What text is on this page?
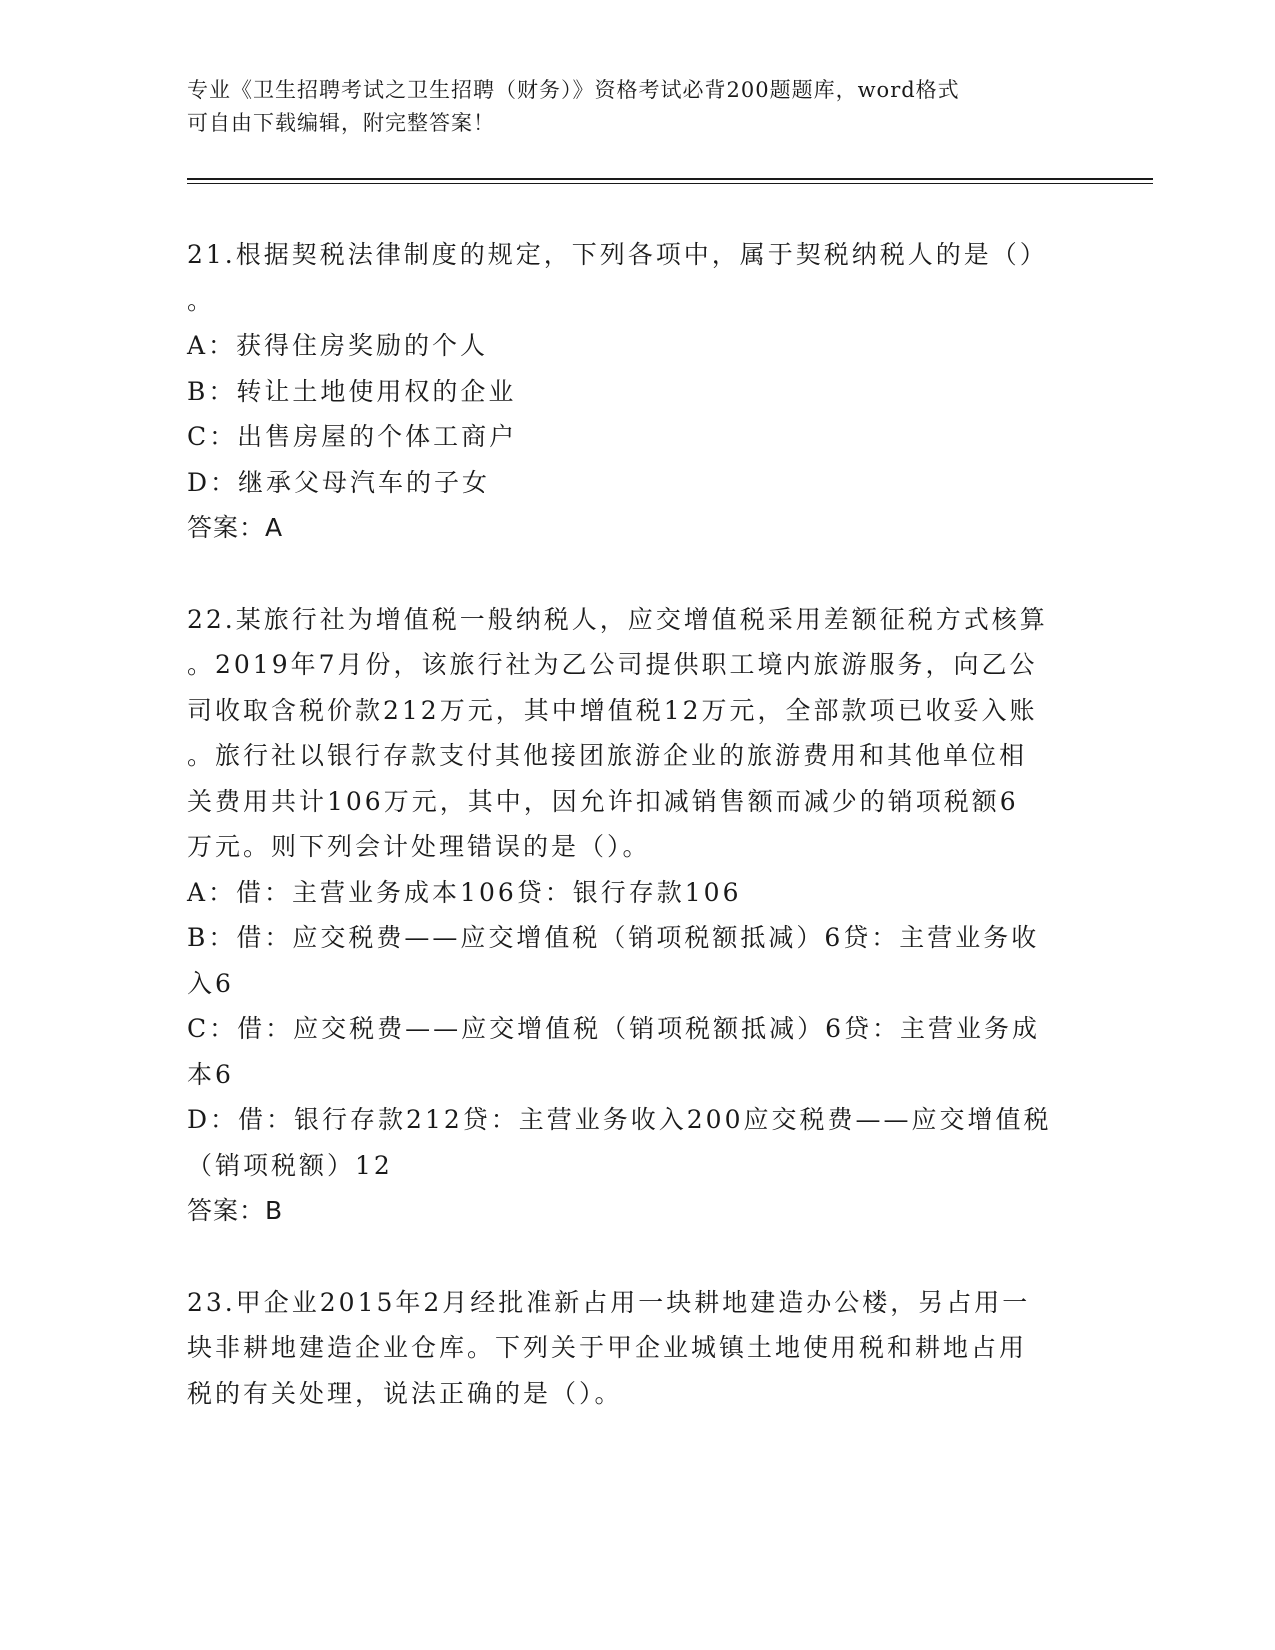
专业《卫生招聘考试之卫生招聘（财务）》资格考试必背200题题库，word格式
可自由下载编辑，附完整答案！
21.根据契税法律制度的规定，下列各项中，属于契税纳税人的是（）
。
A：获得住房奖励的个人
B：转让土地使用权的企业
C：出售房屋的个体工商户
D：继承父母汽车的子女
答案：A
22.某旅行社为增值税一般纳税人，应交增值税采用差额征税方式核算
。2019年7月份，该旅行社为乙公司提供职工境内旅游服务，向乙公
司收取含税价款212万元，其中增值税12万元，全部款项已收妥入账
。旅行社以银行存款支付其他接团旅游企业的旅游费用和其他单位相
关费用共计106万元，其中，因允许扣减销售额而减少的销项税额6
万元。则下列会计处理错误的是（）。
A：借：主营业务成本106贷：银行存款106
B：借：应交税费——应交增值税（销项税额抵减）6贷：主营业务收
入6
C：借：应交税费——应交增值税（销项税额抵减）6贷：主营业务成
本6
D：借：银行存款212贷：主营业务收入200应交税费——应交增值税
（销项税额）12
答案：B
23.甲企业2015年2月经批准新占用一块耕地建造办公楼，另占用一
块非耕地建造企业仓库。下列关于甲企业城镇土地使用税和耕地占用
税的有关处理，说法正确的是（）。
